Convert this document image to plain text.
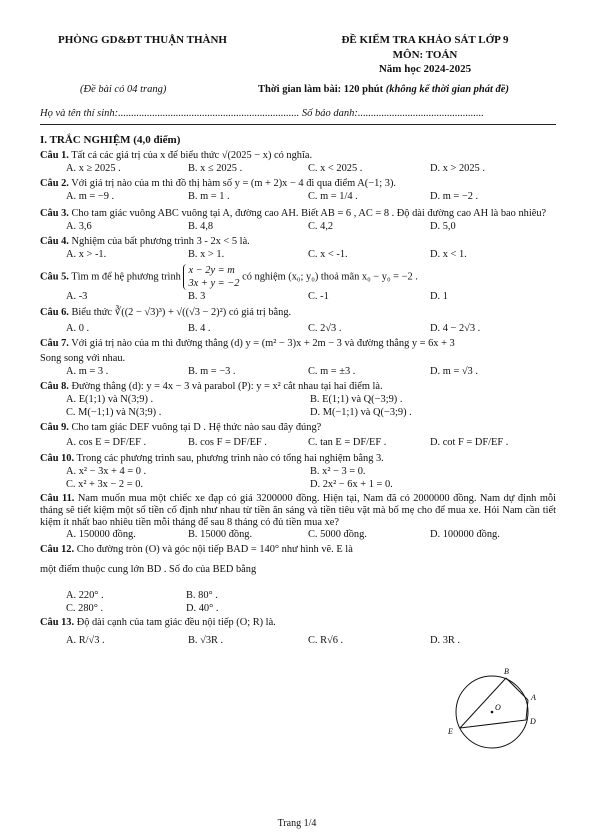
PHÒNG GD&ĐT THUẬN THÀNH	ĐỀ KIỂM TRA KHẢO SÁT LỚP 9
MÔN: TOÁN
Năm học 2024-2025
(Đề bài có 04 trang)	Thời gian làm bài: 120 phút (không kể thời gian phát đề)
Họ và tên thí sinh:..................................................................... Số báo danh:................................................
I. TRẮC NGHIỆM (4,0 điểm)
Câu 1. Tất cả các giá trị của x để biểu thức √(2025 − x) có nghĩa.
A. x ≥ 2025 .	B. x ≤ 2025 .	C. x < 2025 .	D. x > 2025 .
Câu 2. Với giá trị nào của m thì đồ thị hàm số y = (m + 2)x − 4 đi qua điểm A(−1; 3).
A. m = −9 .	B. m = 1 .	C. m = 1/4 .	D. m = −2 .
Câu 3. Cho tam giác vuông ABC vuông tại A, đường cao AH. Biết AB = 6 , AC = 8 . Độ dài đường cao AH là bao nhiêu?
A. 3,6	B. 4,8	C. 4,2	D. 5,0
Câu 4. Nghiệm của bất phương trình 3 - 2x < 5 là.
A. x > -1.	B. x > 1.	C. x < -1.	D. x < 1.
Câu 5. Tìm m để hệ phương trình x − 2y = m
3x + y = −2 có nghiệm (x₀; y₀) thoả mãn x₀ − y₀ = −2 .
A. -3	B. 3	C. -1	D. 1
Câu 6. Biểu thức ∛((2 − √3)³) + √((√3 − 2)²) có giá trị bằng.
A. 0 .	B. 4 .	C. 2√3 .	D. 4 − 2√3 .
Câu 7. Với giá trị nào của m thì đường thẳng (d) y = (m² − 3)x + 2m − 3 và đường thẳng y = 6x + 3
Song song với nhau.
A. m = 3 .	B. m = −3 .	C. m = ±3 .	D. m = √3 .
Câu 8. Đường thẳng (d): y = 4x − 3 và parabol (P): y = x² cắt nhau tại hai điểm là.
A. E(1;1) và N(3;9) .	B. E(1;1) và Q(−3;9) .
C. M(−1;1) và N(3;9) .	D. M(−1;1) và Q(−3;9) .
Câu 9. Cho tam giác DEF vuông tại D . Hệ thức nào sau đây đúng?
A. cos E = DF/EF .	B. cos F = DF/EF .	C. tan E = DF/EF .	D. cot F = DF/EF .
Câu 10. Trong các phương trình sau, phương trình nào có tổng hai nghiệm bằng 3.
A. x² − 3x + 4 = 0 .	B. x² − 3 = 0.
C. x² + 3x − 2 = 0.	D. 2x² − 6x + 1 = 0.
Câu 11. Nam muốn mua một chiếc xe đạp có giá 3200000 đồng. Hiện tại, Nam đã có 2000000 đồng. Nam dự định mỗi tháng sẽ tiết kiệm một số tiền cố định như nhau từ tiền ăn sáng và tiền tiêu vặt mà bố mẹ cho để mua xe. Hỏi Nam cần tiết kiệm ít nhất bao nhiêu tiền mỗi tháng để sau 8 tháng có đủ tiền mua xe?
A. 150000 đồng.	B. 15000 đồng.	C. 5000 đồng.	D. 100000 đồng.
Câu 12. Cho đường tròn (O) và góc nội tiếp BAD = 140° như hình vẽ. E là
một điểm thuộc cung lớn BD . Số đo của BED bằng
A. 220° .	B. 80° .
C. 280° .	D. 40° .
Câu 13. Độ dài cạnh của tam giác đều nội tiếp (O; R) là.
A. R/√3 .	B. √3R .	C. R√6 .	D. 3R .
B
A
O
D
E
Trang 1/4
